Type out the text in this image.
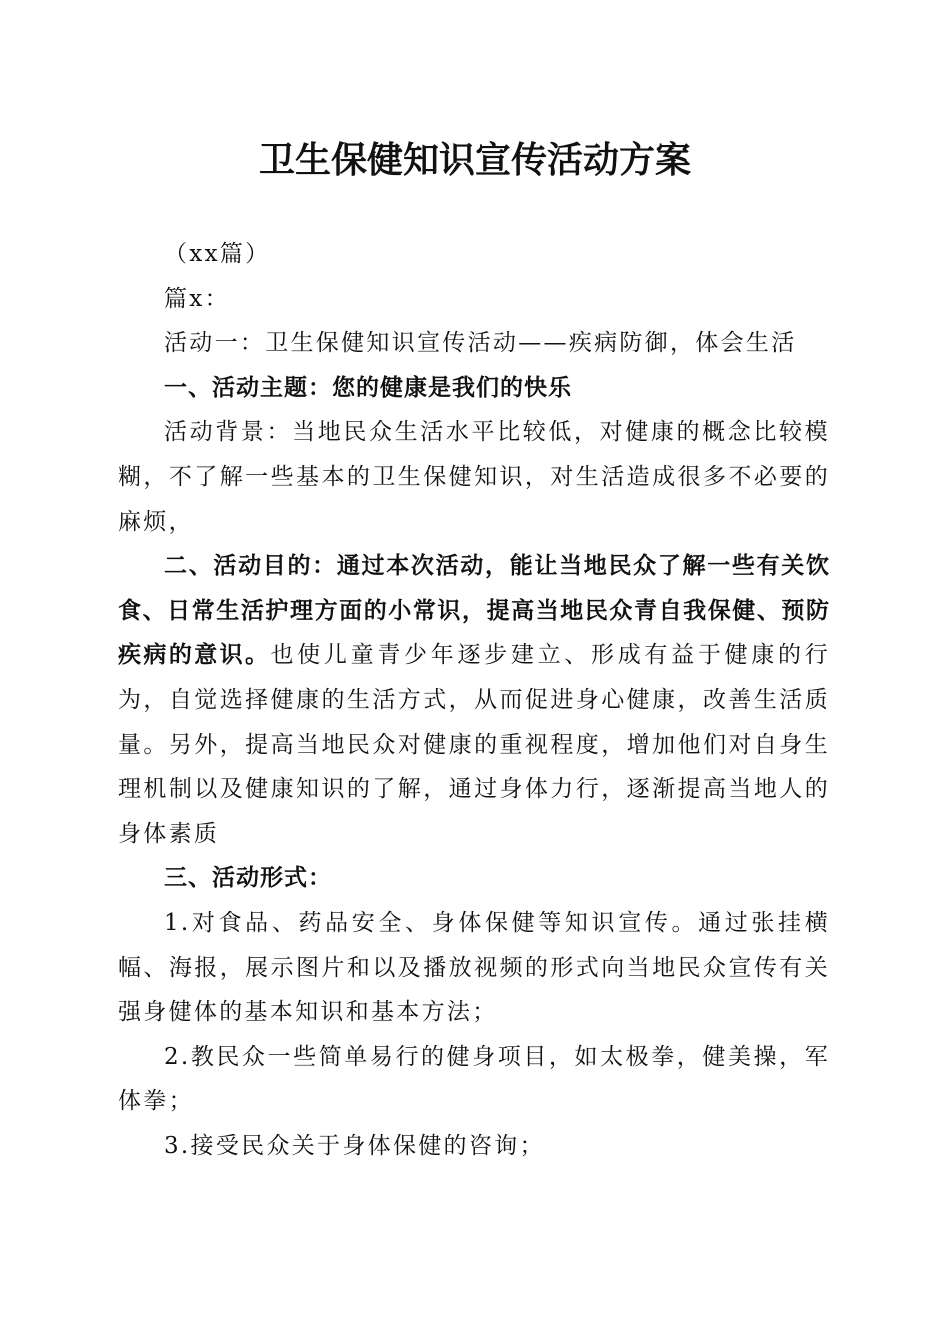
卫生保健知识宣传活动方案

（xx篇）

篇x：

活动一：卫生保健知识宣传活动——疾病防御，体会生活

一、活动主题：您的健康是我们的快乐

活动背景：当地民众生活水平比较低，对健康的概念比较模糊，不了解一些基本的卫生保健知识，对生活造成很多不必要的麻烦，

二、活动目的：通过本次活动，能让当地民众了解一些有关饮食、日常生活护理方面的小常识，提高当地民众青自我保健、预防疾病的意识。也使儿童青少年逐步建立、形成有益于健康的行为，自觉选择健康的生活方式，从而促进身心健康，改善生活质量。另外，提高当地民众对健康的重视程度，增加他们对自身生理机制以及健康知识的了解，通过身体力行，逐渐提高当地人的身体素质

三、活动形式：

1.对食品、药品安全、身体保健等知识宣传。通过张挂横幅、海报，展示图片和以及播放视频的形式向当地民众宣传有关强身健体的基本知识和基本方法；

2.教民众一些简单易行的健身项目，如太极拳，健美操，军体拳；

3.接受民众关于身体保健的咨询；
